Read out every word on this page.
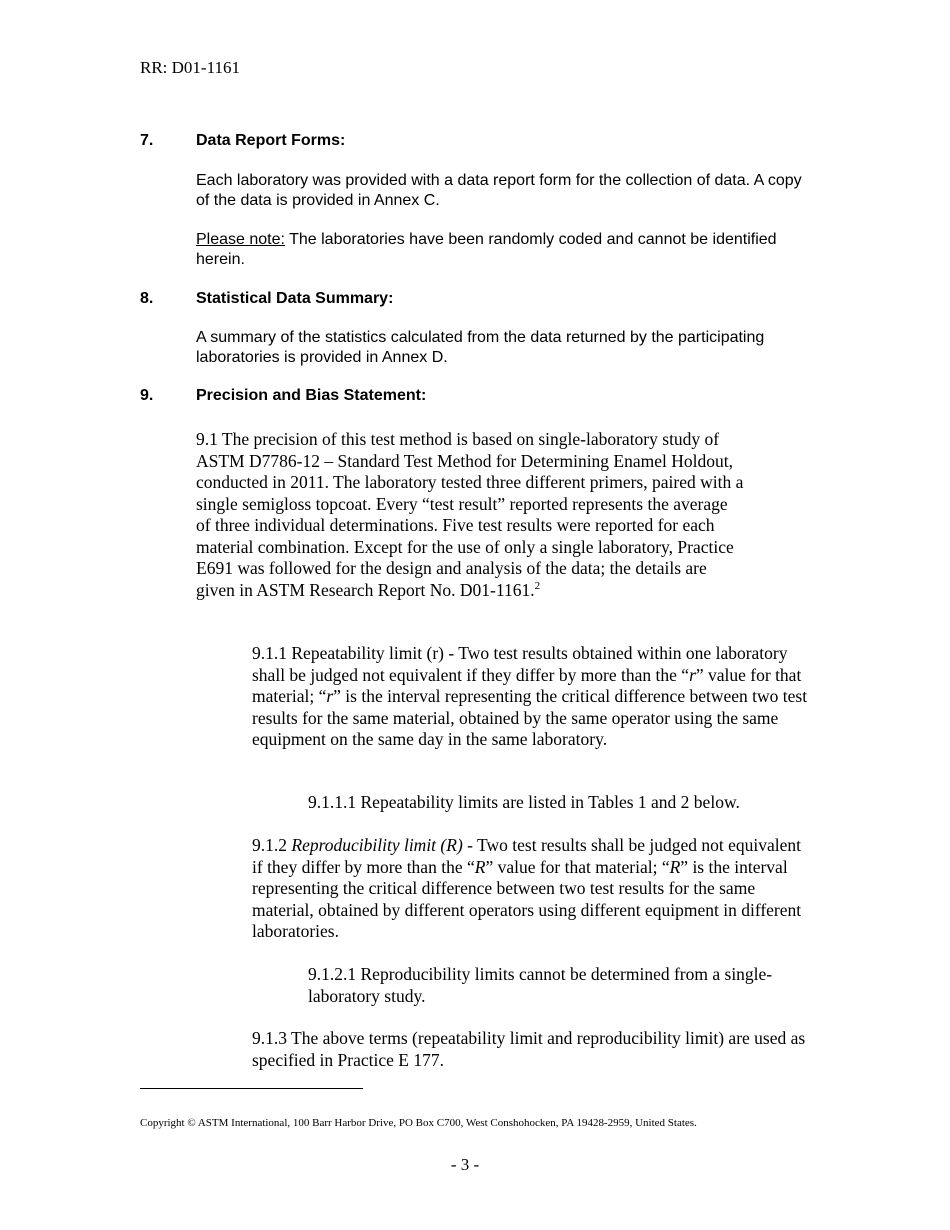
RR: D01-1161
7.	Data Report Forms:
Each laboratory was provided with a data report form for the collection of data. A copy of the data is provided in Annex C.
Please note: The laboratories have been randomly coded and cannot be identified herein.
8.	Statistical Data Summary:
A summary of the statistics calculated from the data returned by the participating laboratories is provided in Annex D.
9.	Precision and Bias Statement:
9.1 The precision of this test method is based on single-laboratory study of ASTM D7786-12 – Standard Test Method for Determining Enamel Holdout, conducted in 2011. The laboratory tested three different primers, paired with a single semigloss topcoat. Every “test result” reported represents the average of three individual determinations. Five test results were reported for each material combination. Except for the use of only a single laboratory, Practice E691 was followed for the design and analysis of the data; the details are given in ASTM Research Report No. D01-1161.$^2$
9.1.1 Repeatability limit (r) - Two test results obtained within one laboratory shall be judged not equivalent if they differ by more than the “r” value for that material; “r” is the interval representing the critical difference between two test results for the same material, obtained by the same operator using the same equipment on the same day in the same laboratory.
9.1.1.1 Repeatability limits are listed in Tables 1 and 2 below.
9.1.2 Reproducibility limit (R) - Two test results shall be judged not equivalent if they differ by more than the “R” value for that material; “R” is the interval representing the critical difference between two test results for the same material, obtained by different operators using different equipment in different laboratories.
9.1.2.1 Reproducibility limits cannot be determined from a single-laboratory study.
9.1.3 The above terms (repeatability limit and reproducibility limit) are used as specified in Practice E 177.
Copyright © ASTM International, 100 Barr Harbor Drive, PO Box C700, West Conshohocken, PA 19428-2959, United States.
- 3 -
